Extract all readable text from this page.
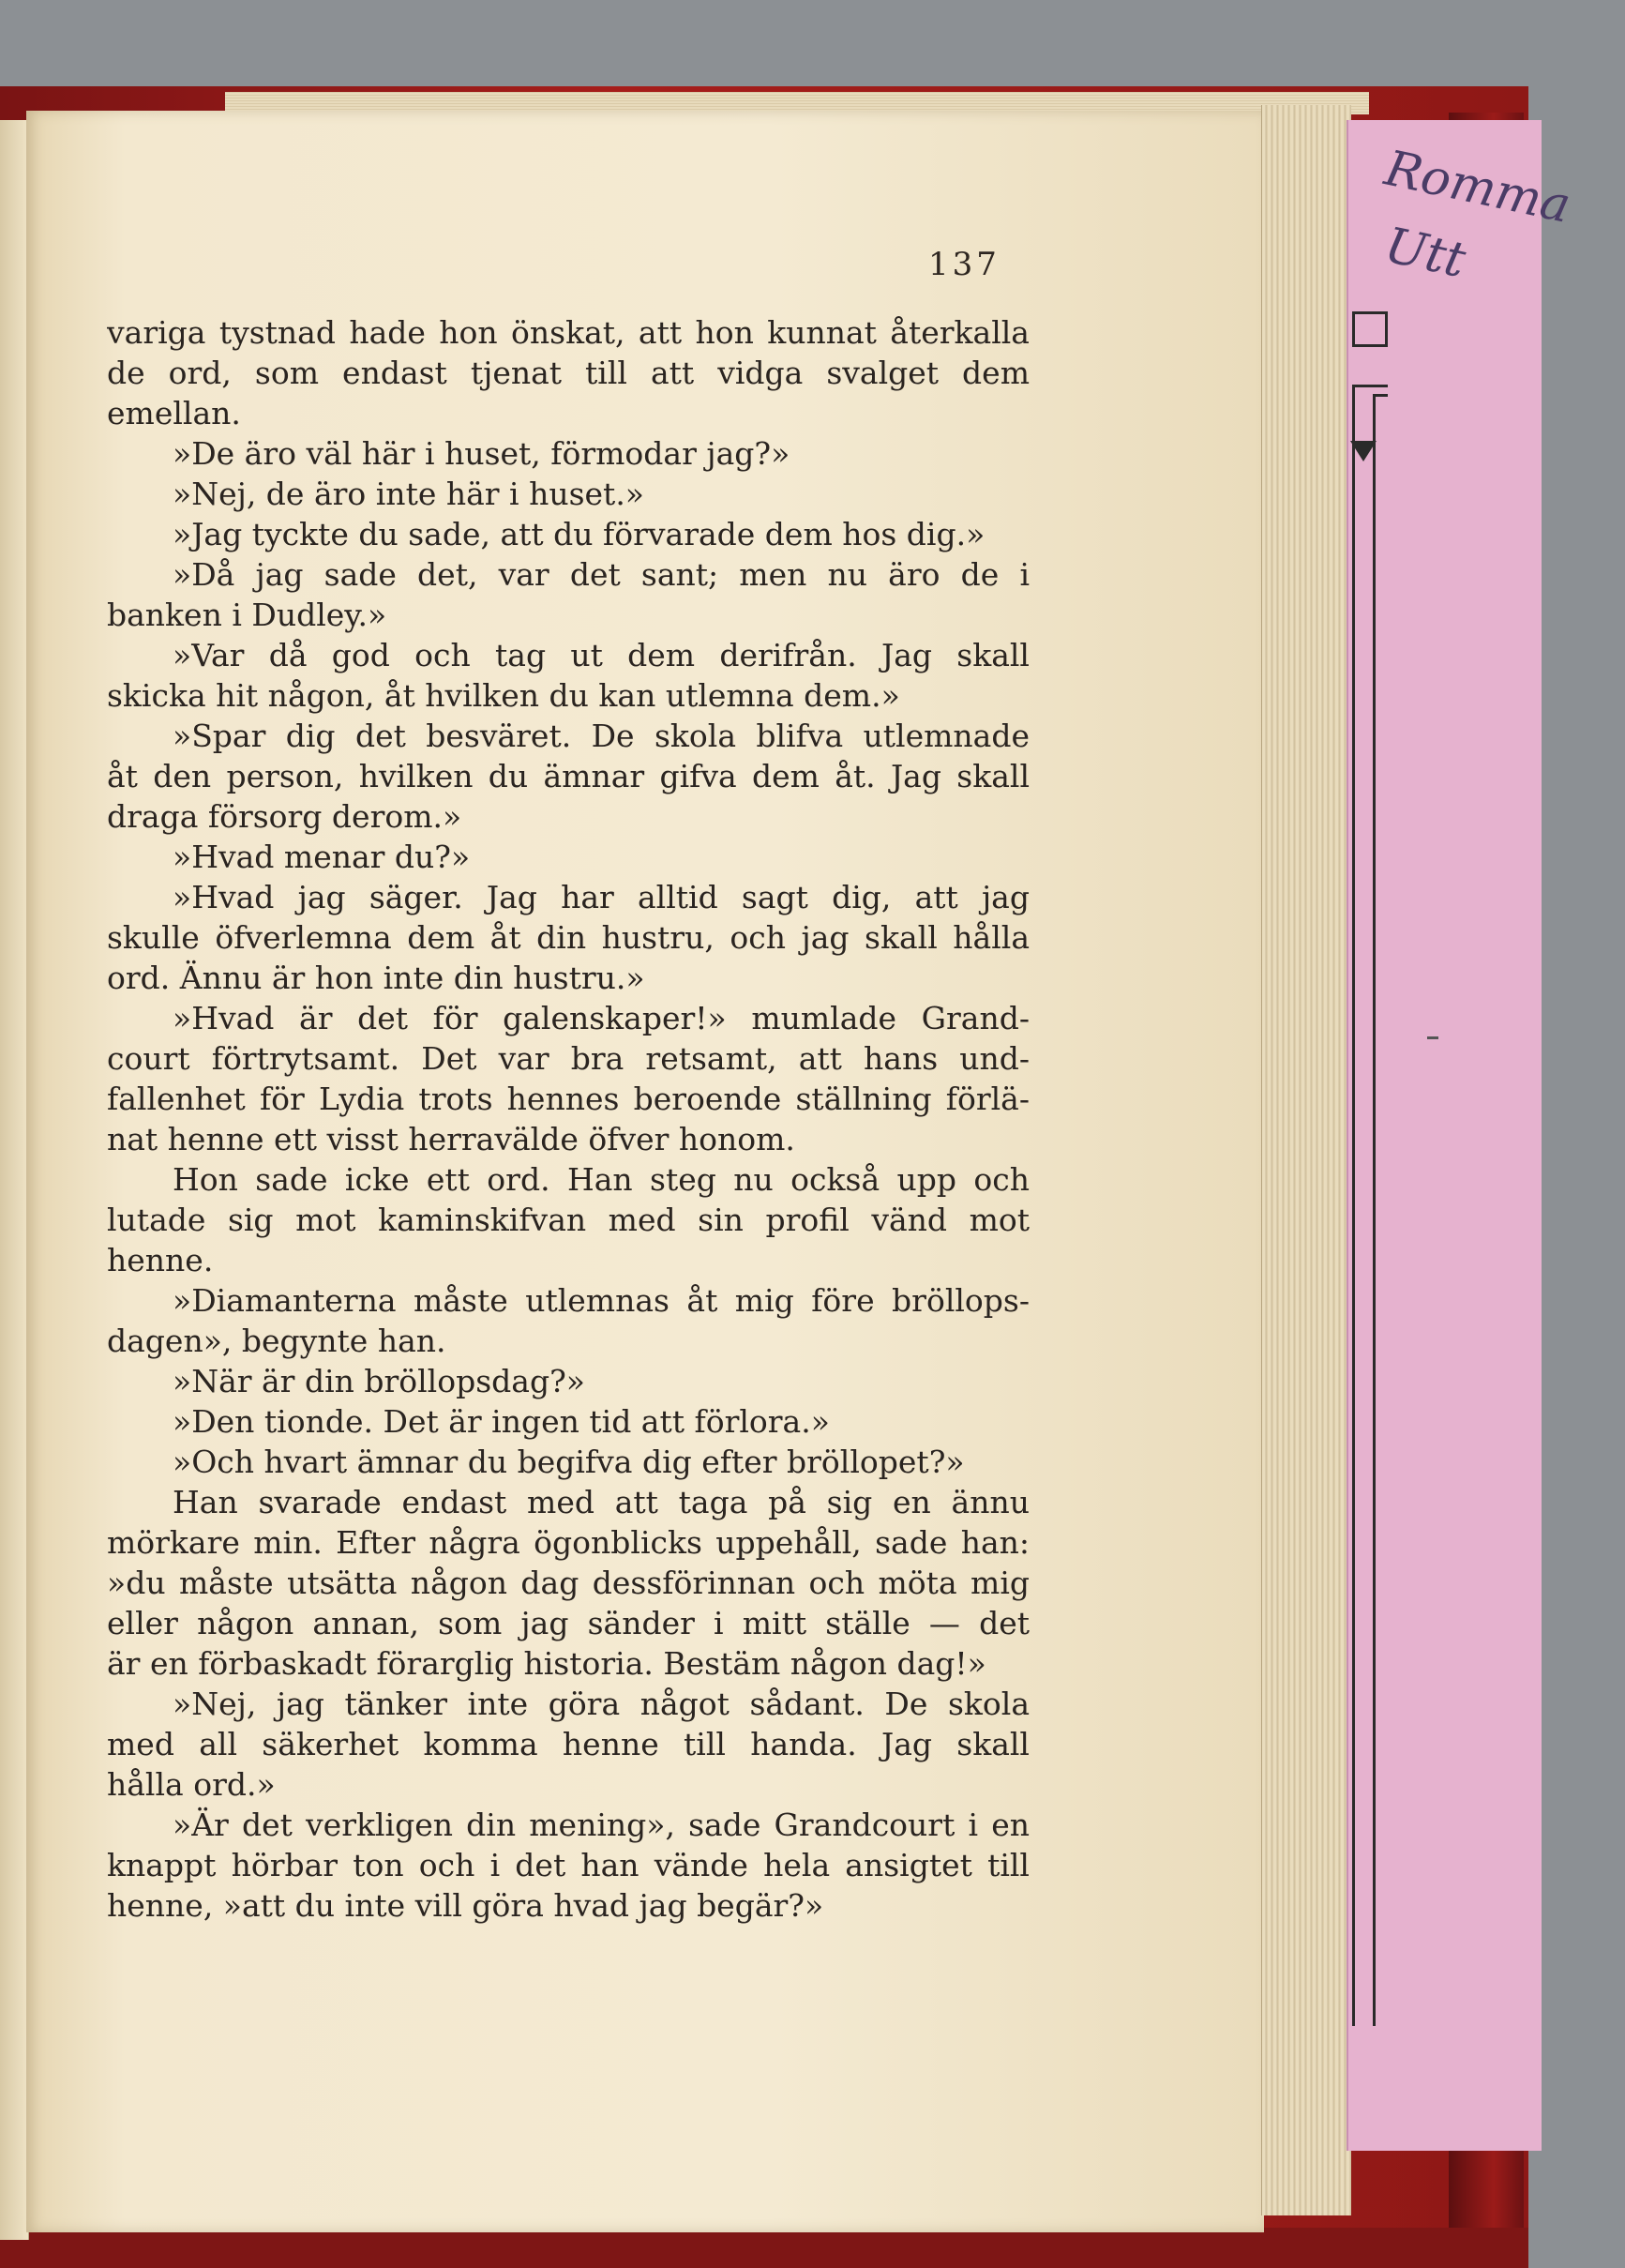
Romma
Utt
137
variga tystnad hade hon önskat, att hon kunnat återkalla
de ord, som endast tjenat till att vidga svalget dem
emellan.
»De äro väl här i huset, förmodar jag?»
»Nej, de äro inte här i huset.»
»Jag tyckte du sade, att du förvarade dem hos dig.»
»Då jag sade det, var det sant; men nu äro de i
banken i Dudley.»
»Var då god och tag ut dem derifrån. Jag skall
skicka hit någon, åt hvilken du kan utlemna dem.»
»Spar dig det besväret. De skola blifva utlemnade
åt den person, hvilken du ämnar gifva dem åt. Jag skall
draga försorg derom.»
»Hvad menar du?»
»Hvad jag säger. Jag har alltid sagt dig, att jag
skulle öfverlemna dem åt din hustru, och jag skall hålla
ord. Ännu är hon inte din hustru.»
»Hvad är det för galenskaper!» mumlade Grand-
court förtrytsamt. Det var bra retsamt, att hans und-
fallenhet för Lydia trots hennes beroende ställning förlä-
nat henne ett visst herravälde öfver honom.
Hon sade icke ett ord. Han steg nu också upp och
lutade sig mot kaminskifvan med sin profil vänd mot
henne.
»Diamanterna måste utlemnas åt mig före bröllops-
dagen», begynte han.
»När är din bröllopsdag?»
»Den tionde. Det är ingen tid att förlora.»
»Och hvart ämnar du begifva dig efter bröllopet?»
Han svarade endast med att taga på sig en ännu
mörkare min. Efter några ögonblicks uppehåll, sade han:
»du måste utsätta någon dag dessförinnan och möta mig
eller någon annan, som jag sänder i mitt ställe — det
är en förbaskadt förarglig historia. Bestäm någon dag!»
»Nej, jag tänker inte göra något sådant. De skola
med all säkerhet komma henne till handa. Jag skall
hålla ord.»
»Är det verkligen din mening», sade Grandcourt i en
knappt hörbar ton och i det han vände hela ansigtet till
henne, »att du inte vill göra hvad jag begär?»
